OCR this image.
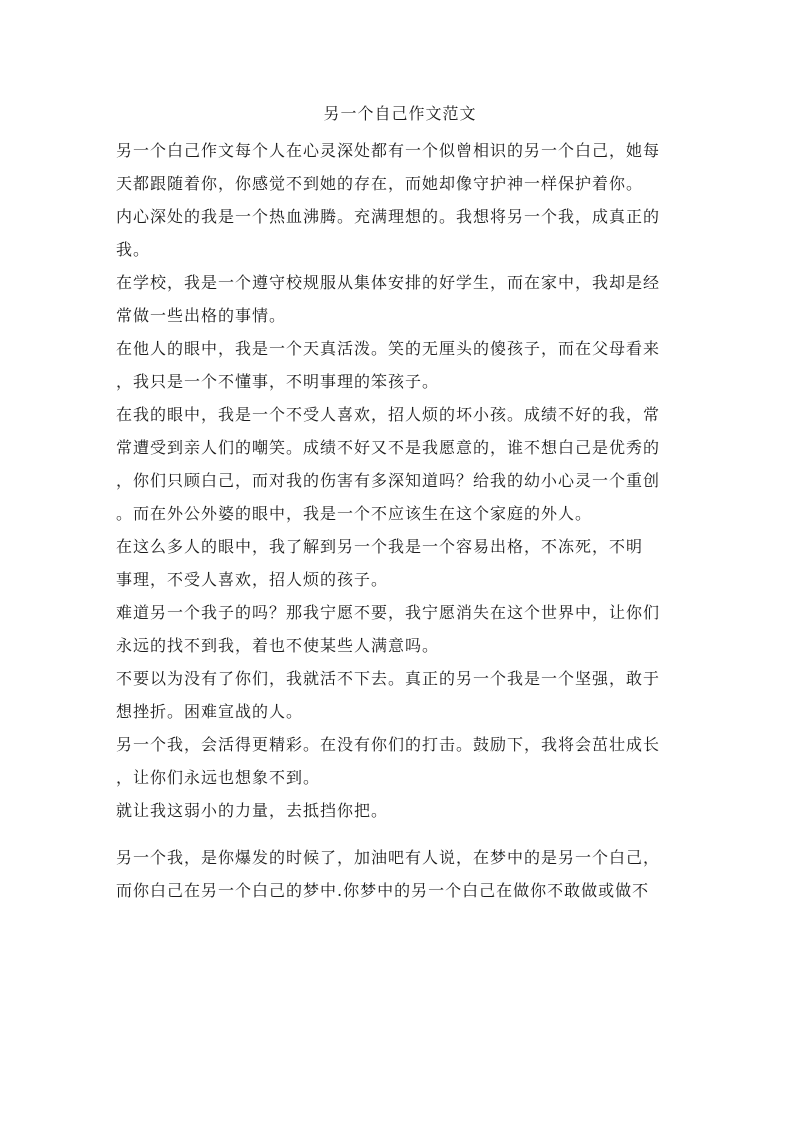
另一个自己作文范文

另一个白己作文每个人在心灵深处都有一个似曾相识的另一个白己，她每
天都跟随着你，你感觉不到她的存在，而她却像守护神一样保护着你。

内心深处的我是一个热血沸腾。充满理想的。我想将另一个我，成真正的
我。

在学校，我是一个遵守校规服从集体安排的好学生，而在家中，我却是经
常做一些出格的事情。

在他人的眼中，我是一个天真活泼。笑的无厘头的傻孩子，而在父母看来
，我只是一个不懂事，不明事理的笨孩子。

在我的眼中，我是一个不受人喜欢，招人烦的坏小孩。成绩不好的我，常
常遭受到亲人们的嘲笑。成绩不好又不是我愿意的，谁不想白己是优秀的
，你们只顾白己，而对我的伤害有多深知道吗？给我的幼小心灵一个重创
。而在外公外婆的眼中，我是一个不应该生在这个家庭的外人。

在这么多人的眼中，我了解到另一个我是一个容易出格，不冻死，不明
事理，不受人喜欢，招人烦的孩子。

难道另一个我子的吗？那我宁愿不要，我宁愿消失在这个世界中，让你们
永远的找不到我，着也不使某些人满意吗。

不要以为没有了你们，我就活不下去。真正的另一个我是一个坚强，敢于
想挫折。困难宣战的人。

另一个我，会活得更精彩。在没有你们的打击。鼓励下，我将会茁壮成长
，让你们永远也想象不到。

就让我这弱小的力量，去抵挡你把。

另一个我，是你爆发的时候了，加油吧有人说，在梦中的是另一个白己，
而你白己在另一个白己的梦中.你梦中的另一个白己在做你不敢做或做不
